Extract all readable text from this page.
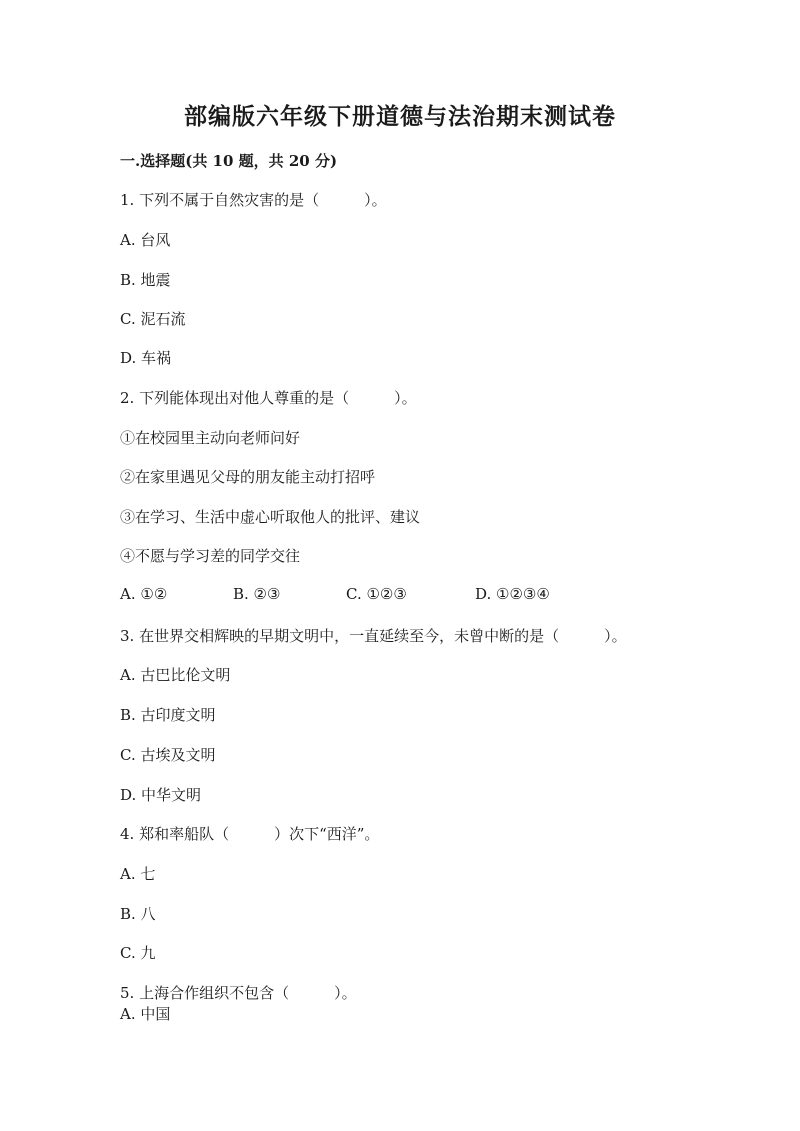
部编版六年级下册道德与法治期末测试卷
一.选择题(共 10 题，共 20 分)
1. 下列不属于自然灾害的是（　　　）。
A. 台风
B. 地震
C. 泥石流
D. 车祸
2. 下列能体现出对他人尊重的是（　　　）。
①在校园里主动向老师问好
②在家里遇见父母的朋友能主动打招呼
③在学习、生活中虚心听取他人的批评、建议
④不愿与学习差的同学交往
A. ①②	B. ②③	C. ①②③	D. ①②③④
3. 在世界交相辉映的早期文明中，一直延续至今，未曾中断的是（　　　）。
A. 古巴比伦文明
B. 古印度文明
C. 古埃及文明
D. 中华文明
4. 郑和率船队（　　　）次下“西洋”。
A. 七
B. 八
C. 九
5. 上海合作组织不包含（　　　）。
A. 中国
